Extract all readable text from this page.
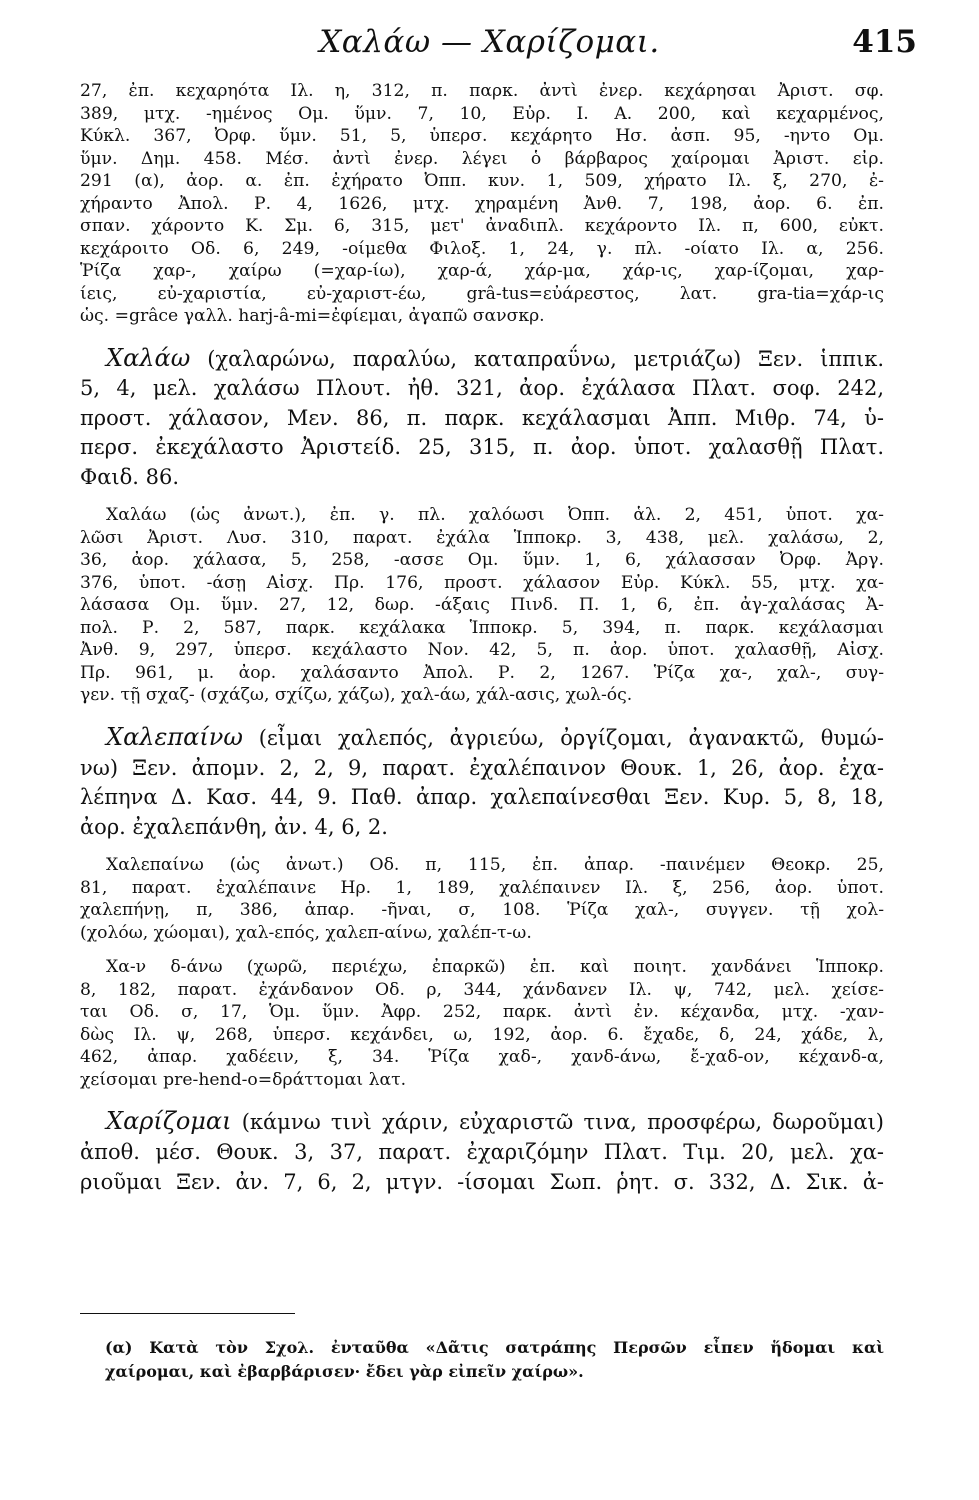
Χαλάω — Χαρίζομαι.	415

27, ἐπ. κεχαρηότα Ιλ. η, 312, π. παρκ. ἀντὶ ἐνερ. κεχάρησαι Ἀριστ. σφ.
389, μτχ. -ημένος Ομ. ὕμν. 7, 10, Εὐρ. Ι. Α. 200, καὶ κεχαρμένος,
Κύκλ. 367, Ὀρφ. ὕμν. 51, 5, ὑπερσ. κεχάρητο Ησ. ἀσπ. 95, -ηντο Ομ.
ὕμν. Δημ. 458. Μέσ. ἀντὶ ἐνερ. λέγει ὁ βάρβαρος χαίρομαι Ἀριστ. εἰρ.
291 (α), ἀορ. α. ἐπ. ἐχήρατο Ὀππ. κυν. 1, 509, χήρατο Ιλ. ξ, 270, ἐ-
χήραντο Ἀπολ. Ρ. 4, 1626, μτχ. χηραμένη Ἀνθ. 7, 198, ἀορ. 6. ἐπ.
σπαν. χάροντο Κ. Σμ. 6, 315, μετ' ἀναδιπλ. κεχάροντο Ιλ. π, 600, εὐκτ.
κεχάροιτο Οδ. 6, 249, -οίμεθα Φιλοξ. 1, 24, γ. πλ. -οίατο Ιλ. α, 256.
Ῥίζα χαρ-, χαίρω (=χαρ-ίω), χαρ-ά, χάρ-μα, χάρ-ις, χαρ-ίζομαι, χαρ-
ίεις, εὐ-χαριστία, εὐ-χαριστ-έω, grâ-tus=εὐάρεστος, λατ. gra-tia=χάρ-ις
ὡς. =grâce γαλλ. harj-â-mi=ἐφίεμαι, ἀγαπῶ σανσκρ.

Χαλάω (χαλαρώνω, παραλύω, καταπραΰνω, μετριάζω) Ξεν. ἱππικ.
5, 4, μελ. χαλάσω Πλουτ. ἠθ. 321, ἀορ. ἐχάλασα Πλατ. σοφ. 242,
προστ. χάλασον, Μεν. 86, π. παρκ. κεχάλασμαι Ἀππ. Μιθρ. 74, ὑ-
περσ. ἐκεχάλαστο Ἀριστείδ. 25, 315, π. ἀορ. ὑποτ. χαλασθῇ Πλατ.
Φαιδ. 86.

Χαλάω (ὡς ἀνωτ.), ἐπ. γ. πλ. χαλόωσι Ὀππ. ἁλ. 2, 451, ὑποτ. χα-
λῶσι Ἀριστ. Λυσ. 310, παρατ. ἐχάλα Ἱπποκρ. 3, 438, μελ. χαλάσω, 2,
36, ἀορ. χάλασα, 5, 258, -ασσε Ομ. ὕμν. 1, 6, χάλασσαν Ὀρφ. Ἀργ.
376, ὑποτ. -άσῃ Αἰσχ. Πρ. 176, προστ. χάλασον Εὐρ. Κύκλ. 55, μτχ. χα-
λάσασα Ομ. ὕμν. 27, 12, δωρ. -άξαις Πινδ. Π. 1, 6, ἐπ. ἀγ-χαλάσας Ἀ-
πολ. Ρ. 2, 587, παρκ. κεχάλακα Ἱπποκρ. 5, 394, π. παρκ. κεχάλασμαι
Ἀνθ. 9, 297, ὑπερσ. κεχάλαστο Νον. 42, 5, π. ἀορ. ὑποτ. χαλασθῇ, Αἰσχ.
Πρ. 961, μ. ἀορ. χαλάσαντο Ἀπολ. Ρ. 2, 1267. Ῥίζα χα-, χαλ-, συγ-
γεν. τῇ σχαζ- (σχάζω, σχίζω, χάζω), χαλ-άω, χάλ-ασις, χωλ-ός.

Χαλεπαίνω (εἶμαι χαλεπός, ἀγριεύω, ὀργίζομαι, ἀγανακτῶ, θυμώ-
νω) Ξεν. ἀπομν. 2, 2, 9, παρατ. ἐχαλέπαινον Θουκ. 1, 26, ἀορ. ἐχα-
λέπηνα Δ. Κασ. 44, 9. Παθ. ἀπαρ. χαλεπαίνεσθαι Ξεν. Κυρ. 5, 8, 18,
ἀορ. ἐχαλεπάνθη, ἀν. 4, 6, 2.

Χαλεπαίνω (ὡς ἀνωτ.) Οδ. π, 115, ἐπ. ἀπαρ. -παινέμεν Θεοκρ. 25,
81, παρατ. ἐχαλέπαινε Ηρ. 1, 189, χαλέπαινεν Ιλ. ξ, 256, ἀορ. ὑποτ.
χαλεπήνῃ, π, 386, ἀπαρ. -ῆναι, σ, 108. Ῥίζα χαλ-, συγγεν. τῇ χολ-
(χολόω, χώομαι), χαλ-επός, χαλεπ-αίνω, χαλέπ-τ-ω.

Χα-ν δ-άνω (χωρῶ, περιέχω, ἐπαρκῶ) ἐπ. καὶ ποιητ. χανδάνει Ἱπποκρ.
8, 182, παρατ. ἐχάνδανον Οδ. ρ, 344, χάνδανεν Ιλ. ψ, 742, μελ. χείσε-
ται Οδ. σ, 17, Ὁμ. ὕμν. Ἀφρ. 252, παρκ. ἀντὶ ἐν. κέχανδα, μτχ. -χαν-
δὼς Ιλ. ψ, 268, ὑπερσ. κεχάνδει, ω, 192, ἀορ. 6. ἔχαδε, δ, 24, χάδε, λ,
462, ἀπαρ. χαδέειν, ξ, 34. Ῥίζα χαδ-, χανδ-άνω, ἔ-χαδ-ον, κέχανδ-α,
χείσομαι pre-hend-o=δράττομαι λατ.

Χαρίζομαι (κάμνω τινὶ χάριν, εὐχαριστῶ τινα, προσφέρω, δωροῦμαι)
ἀποθ. μέσ. Θουκ. 3, 37, παρατ. ἐχαριζόμην Πλατ. Τιμ. 20, μελ. χα-
ριοῦμαι Ξεν. ἀν. 7, 6, 2, μτγν. -ίσομαι Σωπ. ῥητ. σ. 332, Δ. Σικ. ἀ-

(α) Κατὰ τὸν Σχολ. ἐνταῦθα «Δᾶτις σατράπης Περσῶν εἶπεν ἥδομαι καὶ
χαίρομαι, καὶ ἐβαρβάρισεν· ἔδει γὰρ εἰπεῖν χαίρω».
